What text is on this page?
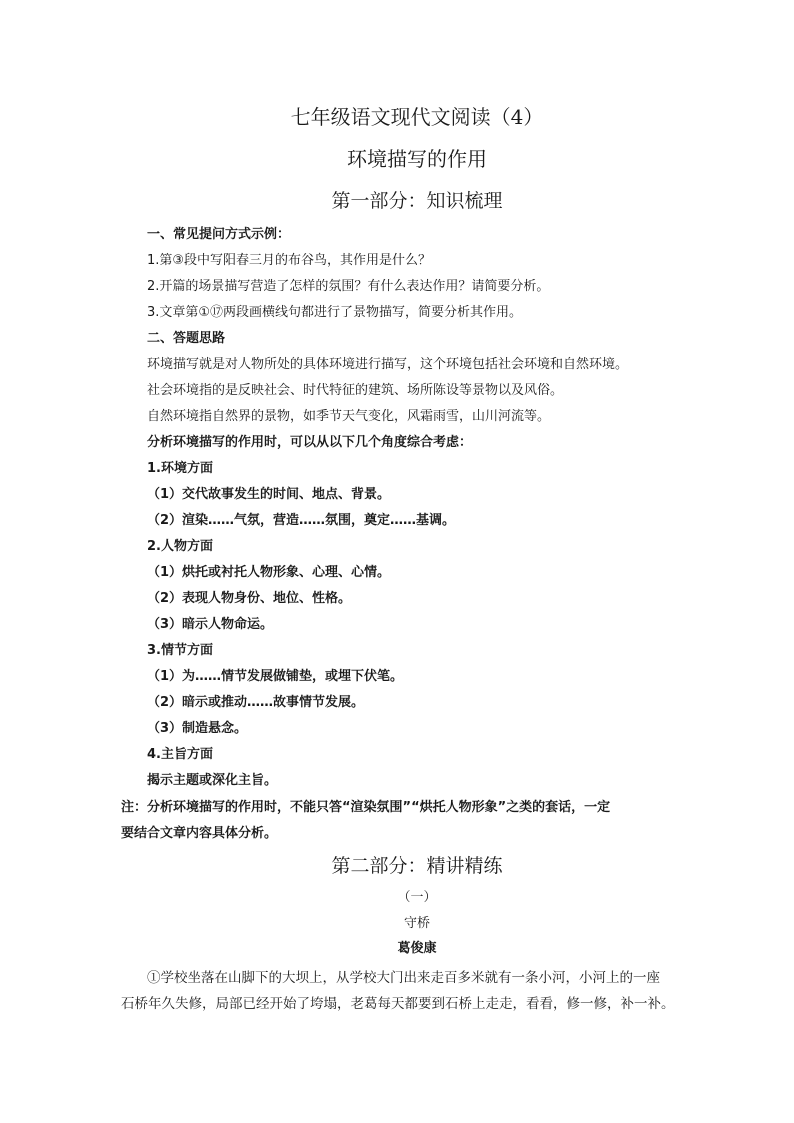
七年级语文现代文阅读（4）
环境描写的作用
第一部分：知识梳理
一、常见提问方式示例：
1.第③段中写阳春三月的布谷鸟，其作用是什么？
2.开篇的场景描写营造了怎样的氛围？有什么表达作用？请简要分析。
3.文章第①⑰两段画横线句都进行了景物描写，简要分析其作用。
二、答题思路
环境描写就是对人物所处的具体环境进行描写，这个环境包括社会环境和自然环境。
社会环境指的是反映社会、时代特征的建筑、场所陈设等景物以及风俗。
自然环境指自然界的景物，如季节天气变化，风霜雨雪，山川河流等。
分析环境描写的作用时，可以从以下几个角度综合考虑：
1.环境方面
（1）交代故事发生的时间、地点、背景。
（2）渲染……气氛，营造……氛围，奠定……基调。
2.人物方面
（1）烘托或衬托人物形象、心理、心情。
（2）表现人物身份、地位、性格。
（3）暗示人物命运。
3.情节方面
（1）为……情节发展做铺垫，或埋下伏笔。
（2）暗示或推动……故事情节发展。
（3）制造悬念。
4.主旨方面
揭示主题或深化主旨。
注：分析环境描写的作用时，不能只答“渲染氛围”“烘托人物形象”之类的套话，一定
要结合文章内容具体分析。
第二部分：精讲精练
（一）
守桥
葛俊康
①学校坐落在山脚下的大坝上，从学校大门出来走百多米就有一条小河，小河上的一座
石桥年久失修，局部已经开始了垮塌，老葛每天都要到石桥上走走，看看，修一修，补一补。
